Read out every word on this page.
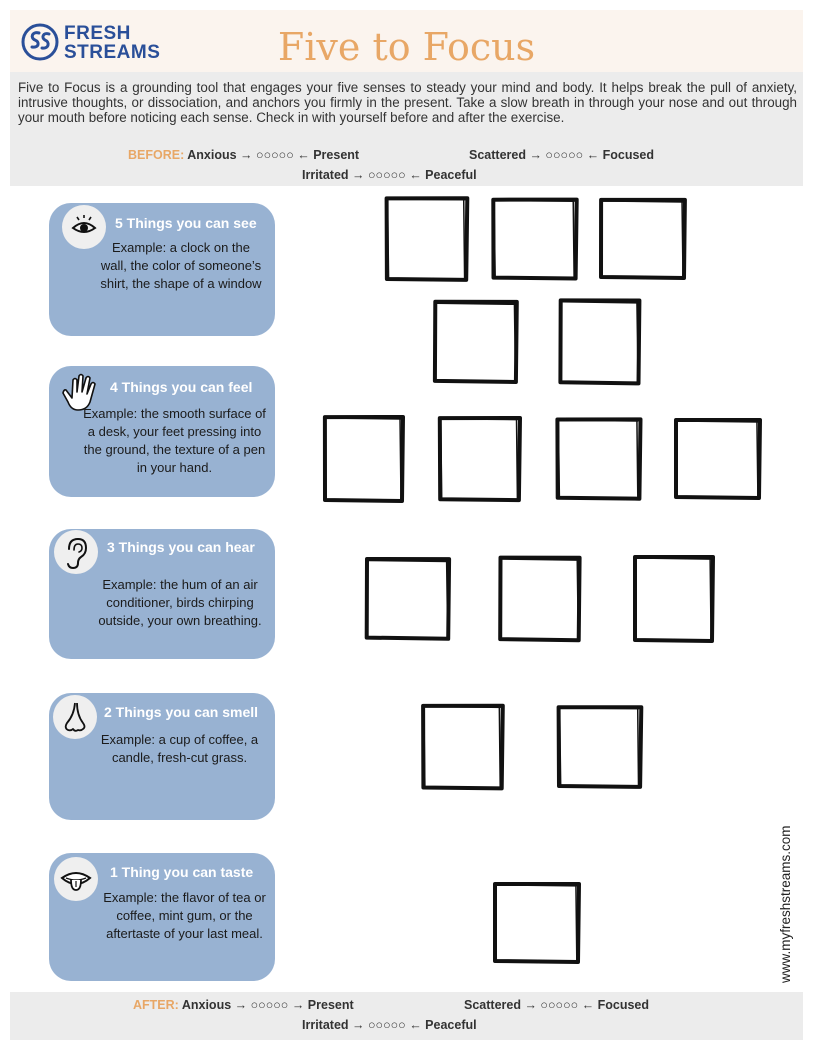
FRESH
STREAMS	Five to Focus
Five to Focus is a grounding tool that engages your five senses to steady your mind and body. It helps break the pull of anxiety, intrusive thoughts, or dissociation, and anchors you firmly in the present. Take a slow breath in through your nose and out through your mouth before noticing each sense. Check in with yourself before and after the exercise.
BEFORE: Anxious → ○○○○○ ← Present	Scattered → ○○○○○ ← Focused
Irritated → ○○○○○ ← Peaceful
5 Things you can see
Example: a clock on the wall, the color of someone’s shirt, the shape of a window
4 Things you can feel
Example: the smooth surface of a desk, your feet pressing into the ground, the texture of a pen in your hand.
3 Things you can hear
Example: the hum of an air conditioner, birds chirping outside, your own breathing.
2 Things you can smell
Example: a cup of coffee, a candle, fresh-cut grass.
1 Thing you can taste
Example: the flavor of tea or coffee, mint gum, or the aftertaste of your last meal.	www.myfreshstreams.com
AFTER: Anxious → ○○○○○ → Present	Scattered → ○○○○○ ← Focused
Irritated → ○○○○○ ← Peaceful
